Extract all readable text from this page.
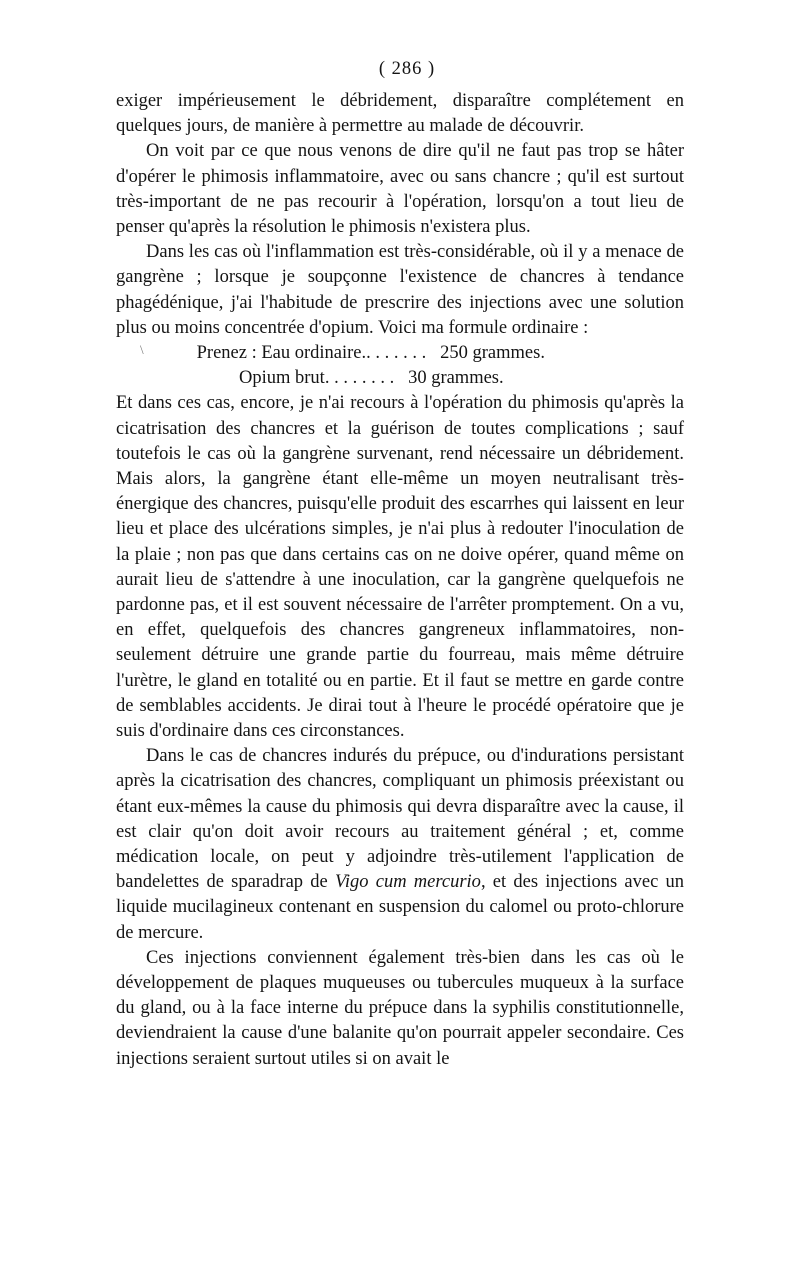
( 286 )

exiger impérieusement le débridement, disparaître complétement en quelques jours, de manière à permettre au malade de découvrir.

On voit par ce que nous venons de dire qu'il ne faut pas trop se hâter d'opérer le phimosis inflammatoire, avec ou sans chancre ; qu'il est surtout très-important de ne pas recourir à l'opération, lorsqu'on a tout lieu de penser qu'après la résolution le phimosis n'existera plus.

Dans les cas où l'inflammation est très-considérable, où il y a menace de gangrène ; lorsque je soupçonne l'existence de chancres à tendance phagédénique, j'ai l'habitude de prescrire des injections avec une solution plus ou moins concentrée d'opium. Voici ma formule ordinaire :

\	Prenez : Eau ordinaire.. . . . . . .   250 grammes.
Opium brut. . . . . . . .   30 grammes.

Et dans ces cas, encore, je n'ai recours à l'opération du phimosis qu'après la cicatrisation des chancres et la guérison de toutes complications ; sauf toutefois le cas où la gangrène survenant, rend nécessaire un débridement. Mais alors, la gangrène étant elle-même un moyen neutralisant très-énergique des chancres, puisqu'elle produit des escarrhes qui laissent en leur lieu et place des ulcérations simples, je n'ai plus à redouter l'inoculation de la plaie ; non pas que dans certains cas on ne doive opérer, quand même on aurait lieu de s'attendre à une inoculation, car la gangrène quelquefois ne pardonne pas, et il est souvent nécessaire de l'arrêter promptement. On a vu, en effet, quelquefois des chancres gangreneux inflammatoires, non-seulement détruire une grande partie du fourreau, mais même détruire l'urètre, le gland en totalité ou en partie. Et il faut se mettre en garde contre de semblables accidents. Je dirai tout à l'heure le procédé opératoire que je suis d'ordinaire dans ces circonstances.

Dans le cas de chancres indurés du prépuce, ou d'indurations persistant après la cicatrisation des chancres, compliquant un phimosis préexistant ou étant eux-mêmes la cause du phimosis qui devra disparaître avec la cause, il est clair qu'on doit avoir recours au traitement général ; et, comme médication locale, on peut y adjoindre très-utilement l'application de bandelettes de sparadrap de Vigo cum mercurio, et des injections avec un liquide mucilagineux contenant en suspension du calomel ou proto-chlorure de mercure.

Ces injections conviennent également très-bien dans les cas où le développement de plaques muqueuses ou tubercules muqueux à la surface du gland, ou à la face interne du prépuce dans la syphilis constitutionnelle, deviendraient la cause d'une balanite qu'on pourrait appeler secondaire. Ces injections seraient surtout utiles si on avait le
